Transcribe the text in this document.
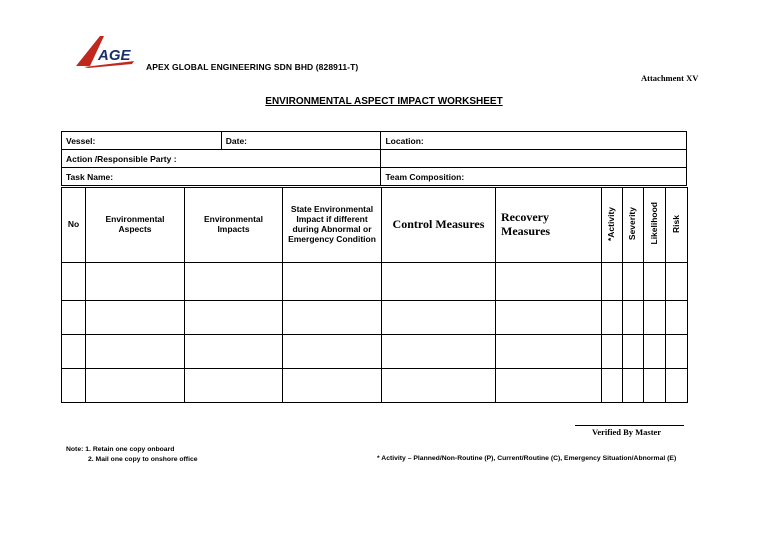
AGE
APEX GLOBAL ENGINEERING SDN BHD (828911-T)
Attachment XV
ENVIRONMENTAL ASPECT IMPACT WORKSHEET
Vessel:	Date:	Location:
Action /Responsible Party :		
Task Name:		Team Composition:
No	Environmental Aspects	Environmental Impacts	State Environmental Impact if different during Abnormal or Emergency Condition	Control Measures	Recovery Measures	*Activity	Severity	Likelihood	Risk

Verified By Master
Note: 1. Retain one copy onboard
2. Mail one copy to onshore office	* Activity – Planned/Non-Routine (P), Current/Routine (C), Emergency Situation/Abnormal (E)
